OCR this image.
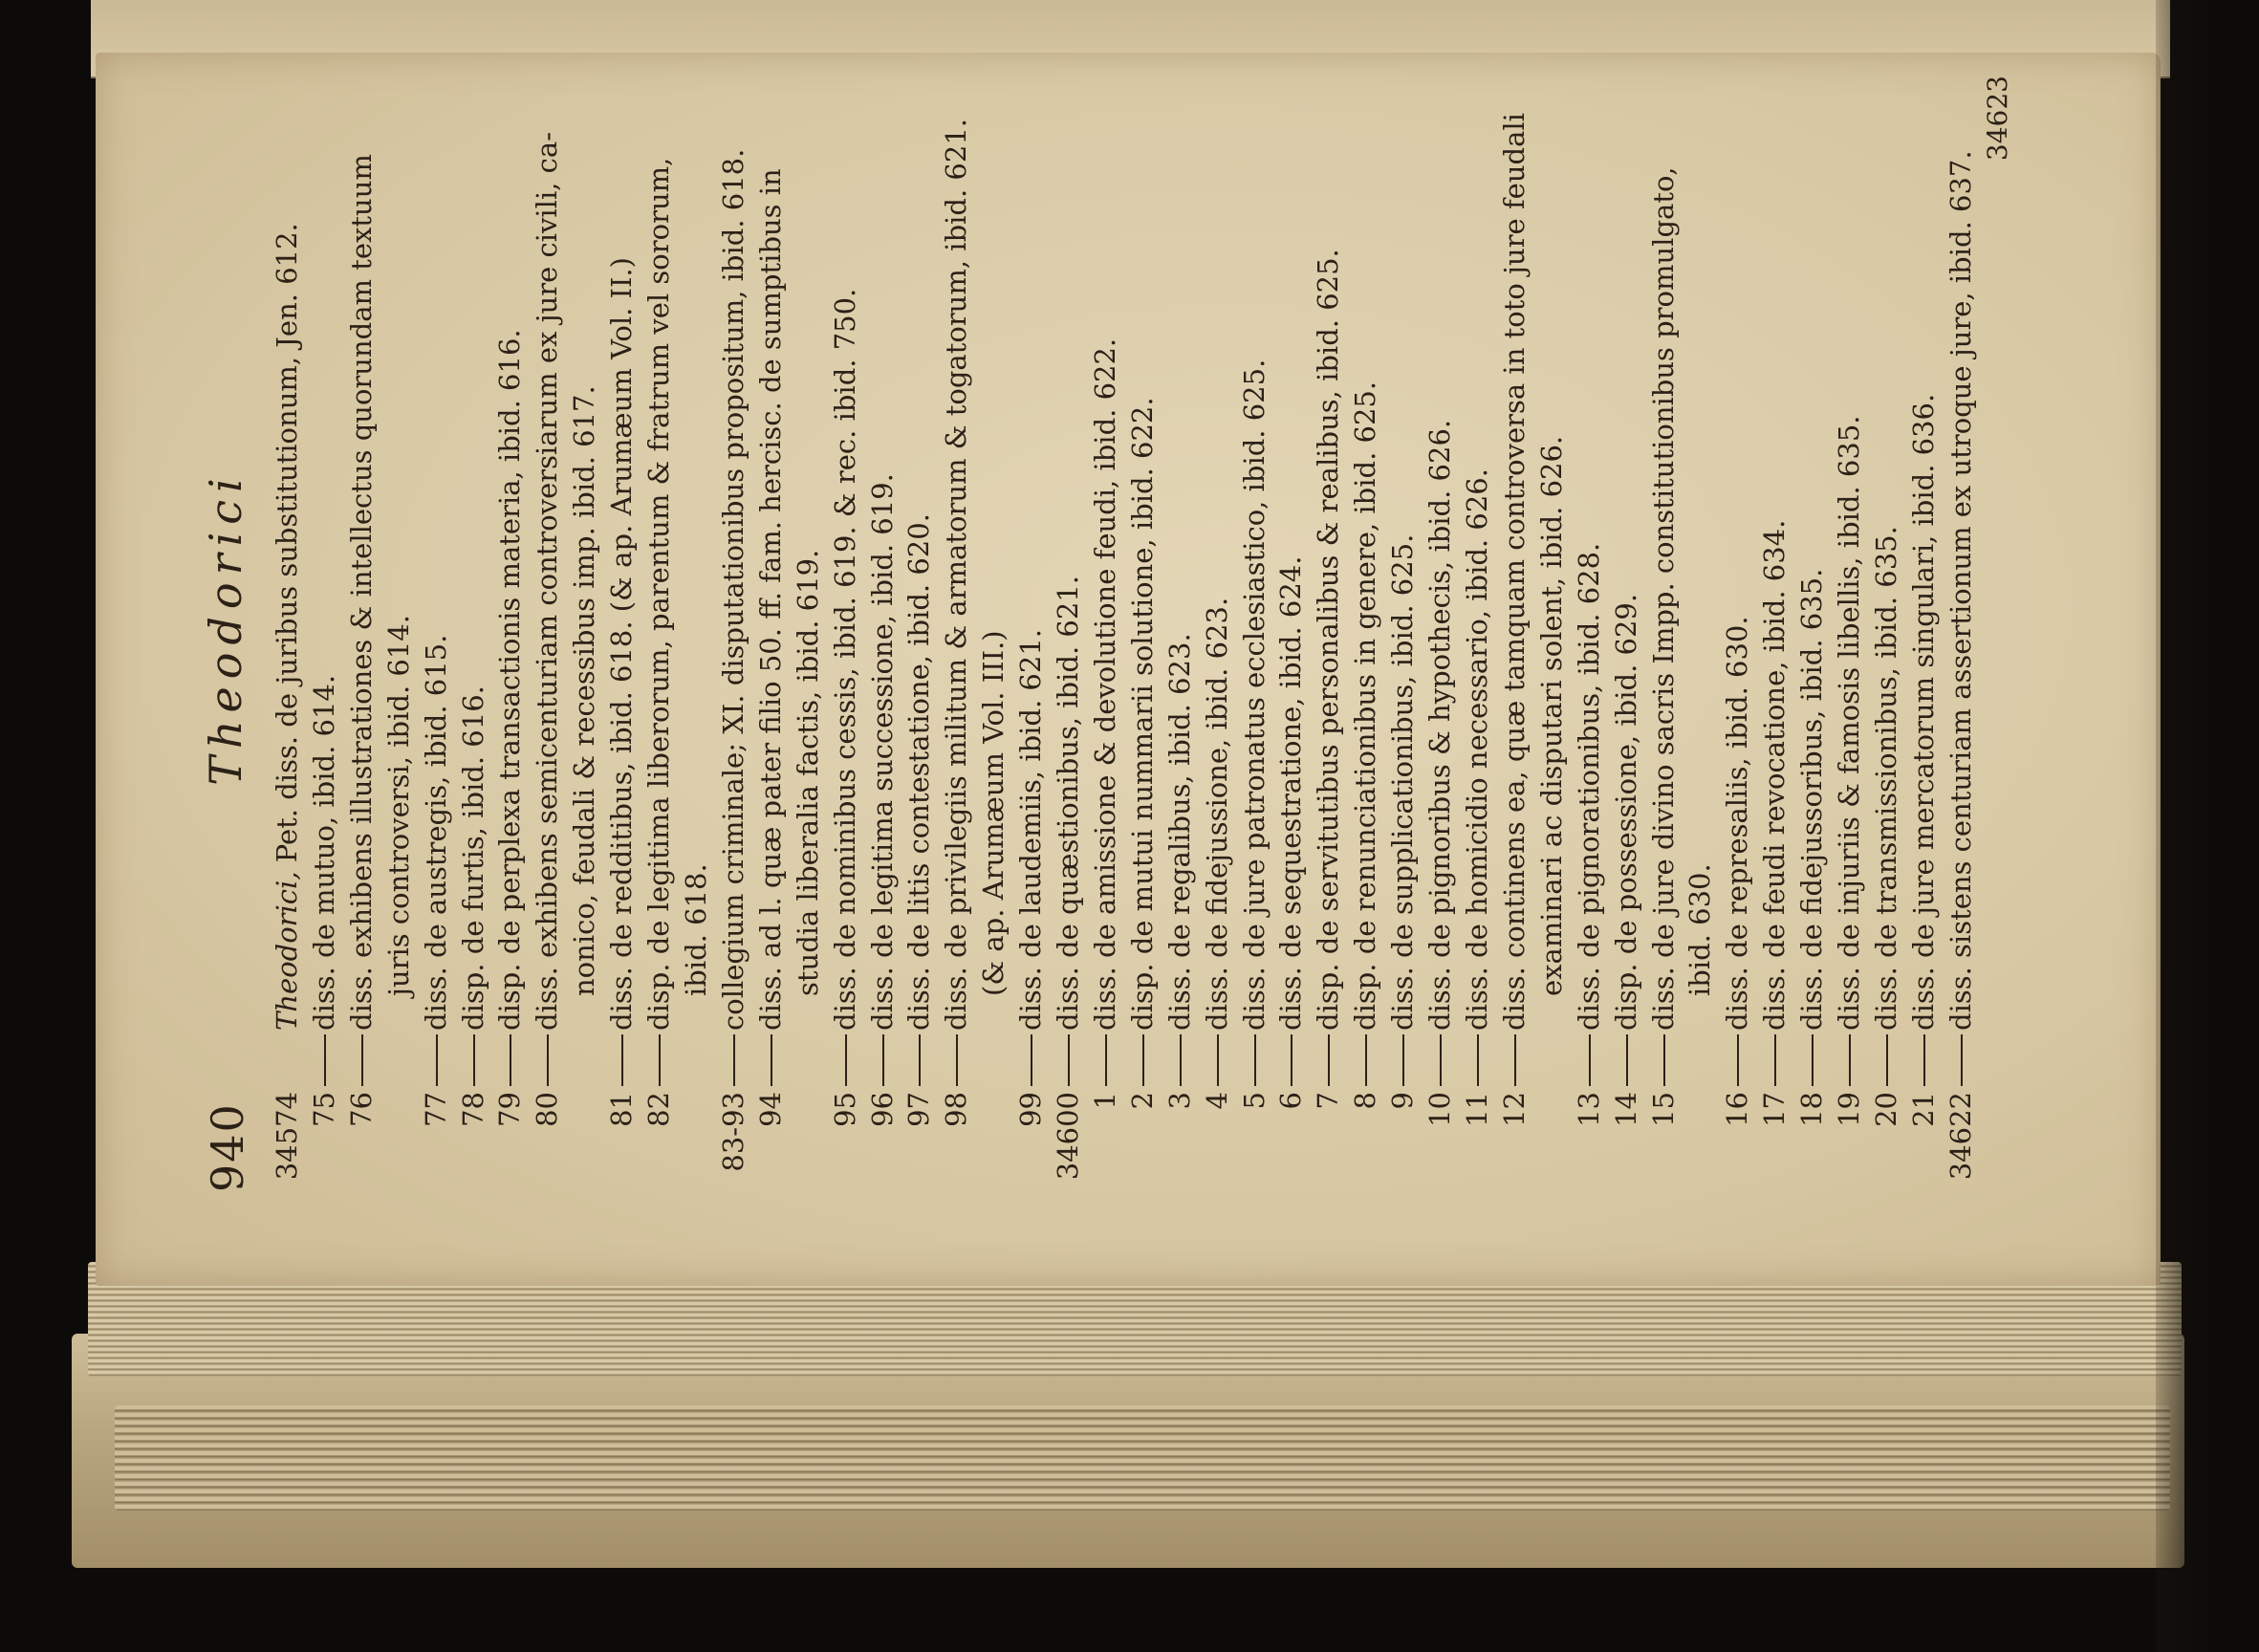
940
Theodorici
34574
Theodorici, Pet. diss. de juribus substitutionum, Jen. 612.
75
diss. de mutuo, ibid. 614.
76
diss. exhibens illustrationes & intellectus quorundam textuum juris controversi, ibid. 614.
77
diss. de austregis, ibid. 615.
78
disp. de furtis, ibid. 616.
79
disp. de perplexa transactionis materia, ibid. 616.
80
diss. exhibens semicenturiam controversiarum ex jure civili, ca- nonico, feudali & recessibus imp. ibid. 617.
81
diss. de redditibus, ibid. 618. (& ap. Arumæum Vol. II.)
82
disp. de legitima liberorum, parentum & fratrum vel sororum, ibid. 618.
83-93
collegium criminale; XI. disputationibus propositum, ibid. 618.
94
diss. ad l. quæ pater filio 50. ff. fam. hercisc. de sumptibus in studia liberalia factis, ibid. 619.
95
diss. de nominibus cessis, ibid. 619. & rec. ibid. 750.
96
diss. de legitima successione, ibid. 619.
97
diss. de litis contestatione, ibid. 620.
98
diss. de privilegiis militum & armatorum & togatorum, ibid. 621. (& ap. Arumæum Vol. III.)
99
diss. de laudemiis, ibid. 621.
34600
diss. de quæstionibus, ibid. 621.
1
diss. de amissione & devolutione feudi, ibid. 622.
2
disp. de mutui nummarii solutione, ibid. 622.
3
diss. de regalibus, ibid. 623.
4
diss. de fidejussione, ibid. 623.
5
diss. de jure patronatus ecclesiastico, ibid. 625.
6
diss. de sequestratione, ibid. 624.
7
disp. de servitutibus personalibus & realibus, ibid. 625.
8
disp. de renunciationibus in genere, ibid. 625.
9
diss. de supplicationibus, ibid. 625.
10
diss. de pignoribus & hypothecis, ibid. 626.
11
diss. de homicidio necessario, ibid. 626.
12
diss. continens ea, quæ tamquam controversa in toto jure feudali examinari ac disputari solent, ibid. 626.
13
diss. de pignorationibus, ibid. 628.
14
disp. de possessione, ibid. 629.
15
diss. de jure divino sacris Impp. constitutionibus promulgato, ibid. 630.
16
diss. de represaliis, ibid. 630.
17
diss. de feudi revocatione, ibid. 634.
18
diss. de fidejussoribus, ibid. 635.
19
diss. de injuriis & famosis libellis, ibid. 635.
20
diss. de transmissionibus, ibid. 635.
21
diss. de jure mercatorum singulari, ibid. 636.
34622
diss. sistens centuriam assertionum ex utroque jure, ibid. 637.
34623
